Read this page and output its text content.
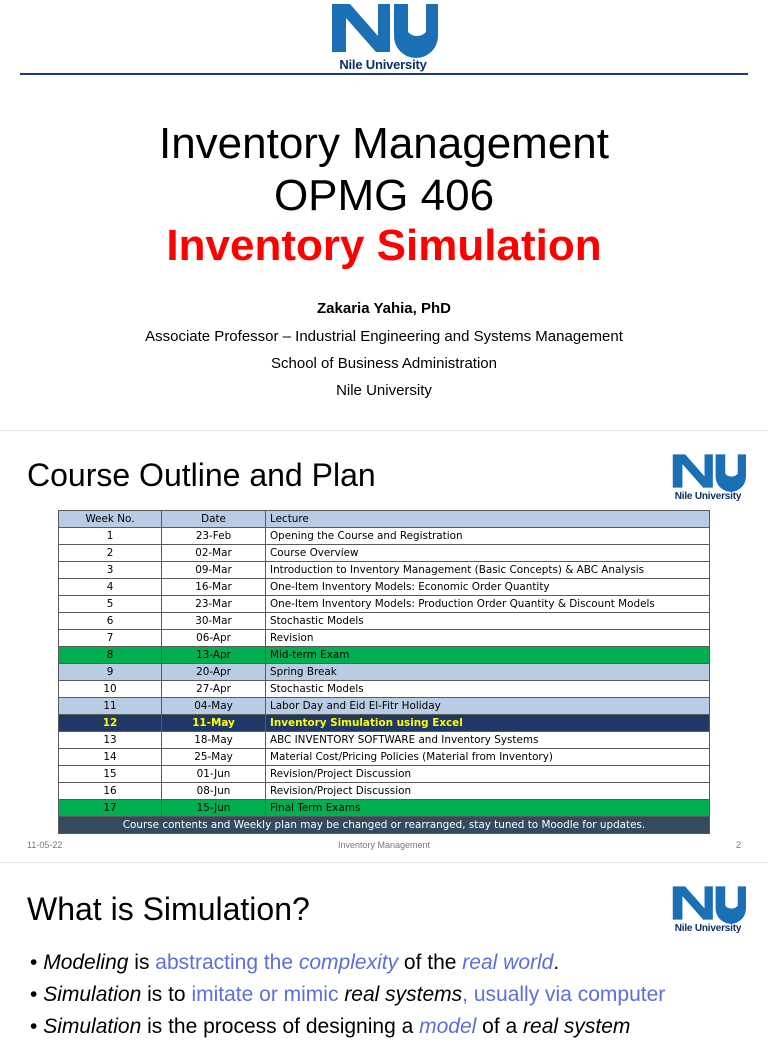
Nile University
Inventory Management
OPMG 406
Inventory Simulation
Zakaria Yahia, PhD
Associate Professor – Industrial Engineering and Systems Management
School of Business Administration
Nile University
Course Outline and Plan
Nile University
Week No.	Date	Lecture
1	23-Feb	Opening the Course and Registration
2	02-Mar	Course Overview
3	09-Mar	Introduction to Inventory Management (Basic Concepts) & ABC Analysis
4	16-Mar	One-Item Inventory Models: Economic Order Quantity
5	23-Mar	One-Item Inventory Models: Production Order Quantity & Discount Models
6	30-Mar	Stochastic Models
7	06-Apr	Revision
8	13-Apr	Mid-term Exam
9	20-Apr	Spring Break
10	27-Apr	Stochastic Models
11	04-May	Labor Day and Eid El-Fitr Holiday
12	11-May	Inventory Simulation using Excel
13	18-May	ABC INVENTORY SOFTWARE and Inventory Systems
14	25-May	Material Cost/Pricing Policies (Material from Inventory)
15	01-Jun	Revision/Project Discussion
16	08-Jun	Revision/Project Discussion
17	15-Jun	Final Term Exams
Course contents and Weekly plan may be changed or rearranged, stay tuned to Moodle for updates.		
11-05-22	Inventory Management	2
What is Simulation?
Nile University
• Modeling is abstracting the complexity of the real world.
• Simulation is to imitate or mimic real systems, usually via computer
• Simulation is the process of designing a model of a real system
